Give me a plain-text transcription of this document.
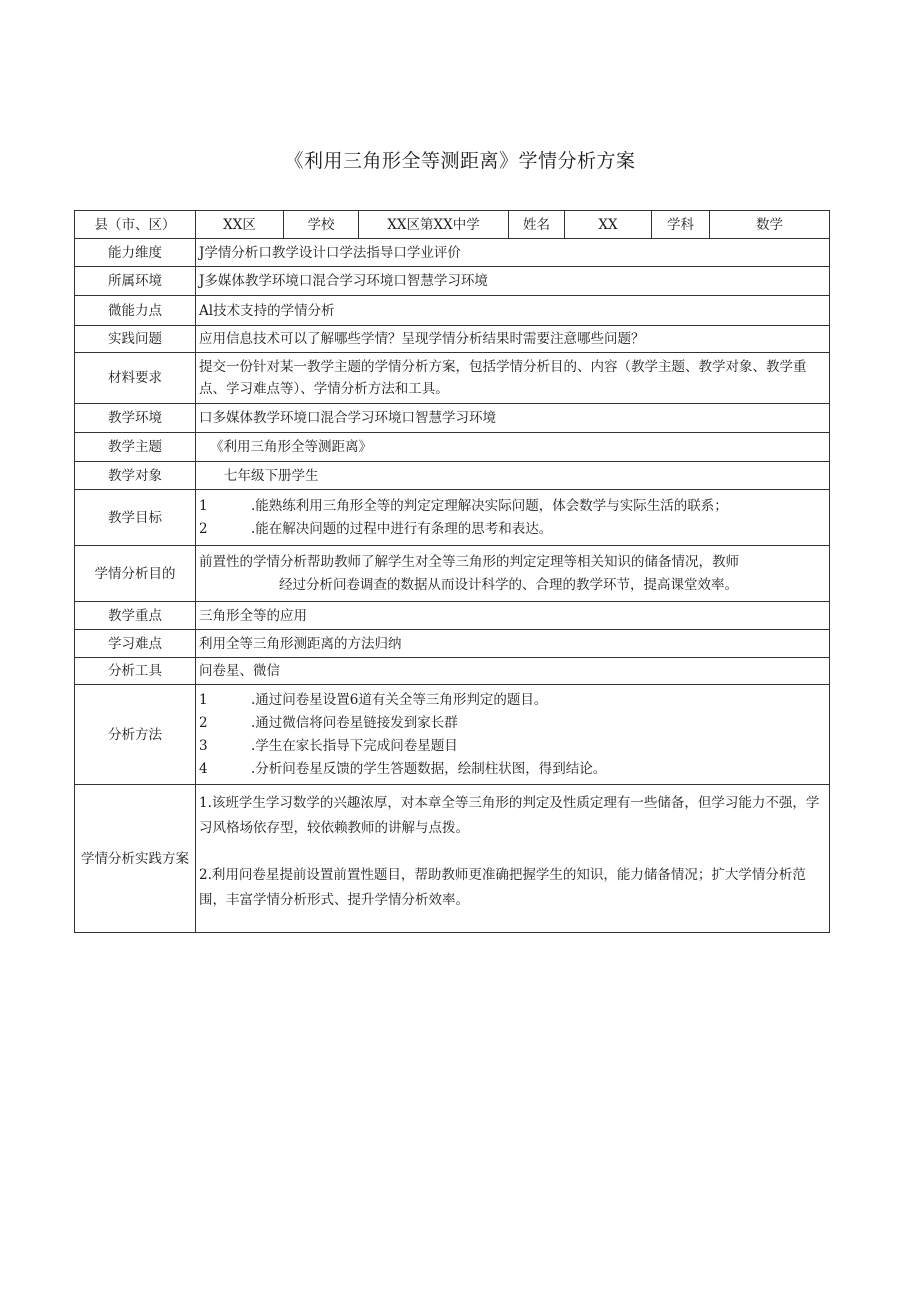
《利用三角形全等测距离》学情分析方案
县（市、区）	XX区	学校	XX区第XX中学	姓名	XX	学科	数学
能力维度	J学情分析口教学设计口学法指导口学业评价						
所属环境	J多媒体教学环境口混合学习环境口智慧学习环境						
微能力点	Al技术支持的学情分析						
实践问题	应用信息技术可以了解哪些学情？呈现学情分析结果时需要注意哪些问题？						
材料要求	提交一份针对某一教学主题的学情分析方案，包括学情分析目的、内容（教学主题、教学对象、教学重点、学习难点等）、学情分析方法和工具。						
教学环境	口多媒体教学环境口混合学习环境口智慧学习环境						
教学主题	《利用三角形全等测距离》						
教学对象	七年级下册学生						
教学目标	1 .能熟练利用三角形全等的判定定理解决实际问题，体会数学与实际生活的联系；
2 .能在解决问题的过程中进行有条理的思考和表达。						

学情分析目的	前置性的学情分析帮助教师了解学生对全等三角形的判定定理等相关知识的储备情况，教师
经过分析问卷调查的数据从而设计科学的、合理的教学环节，提高课堂效率。						

教学重点	三角形全等的应用						
学习难点	利用全等三角形测距离的方法归纳						
分析工具	问卷星、微信						
分析方法	1 .通过问卷星设置6道有关全等三角形判定的题目。
2 .通过微信将问卷星链接发到家长群
3 .学生在家长指导下完成问卷星题目
4 .分析问卷星反馈的学生答题数据，绘制柱状图，得到结论。						

学情分析实践方案	1.该班学生学习数学的兴趣浓厚，对本章全等三角形的判定及性质定理有一些储备，但学习能力不强，学习风格场依存型，较依赖教师的讲解与点拨。
2.利用问卷星提前设置前置性题目，帮助教师更准确把握学生的知识，能力储备情况；扩大学情分析范围，丰富学情分析形式、提升学情分析效率。						
